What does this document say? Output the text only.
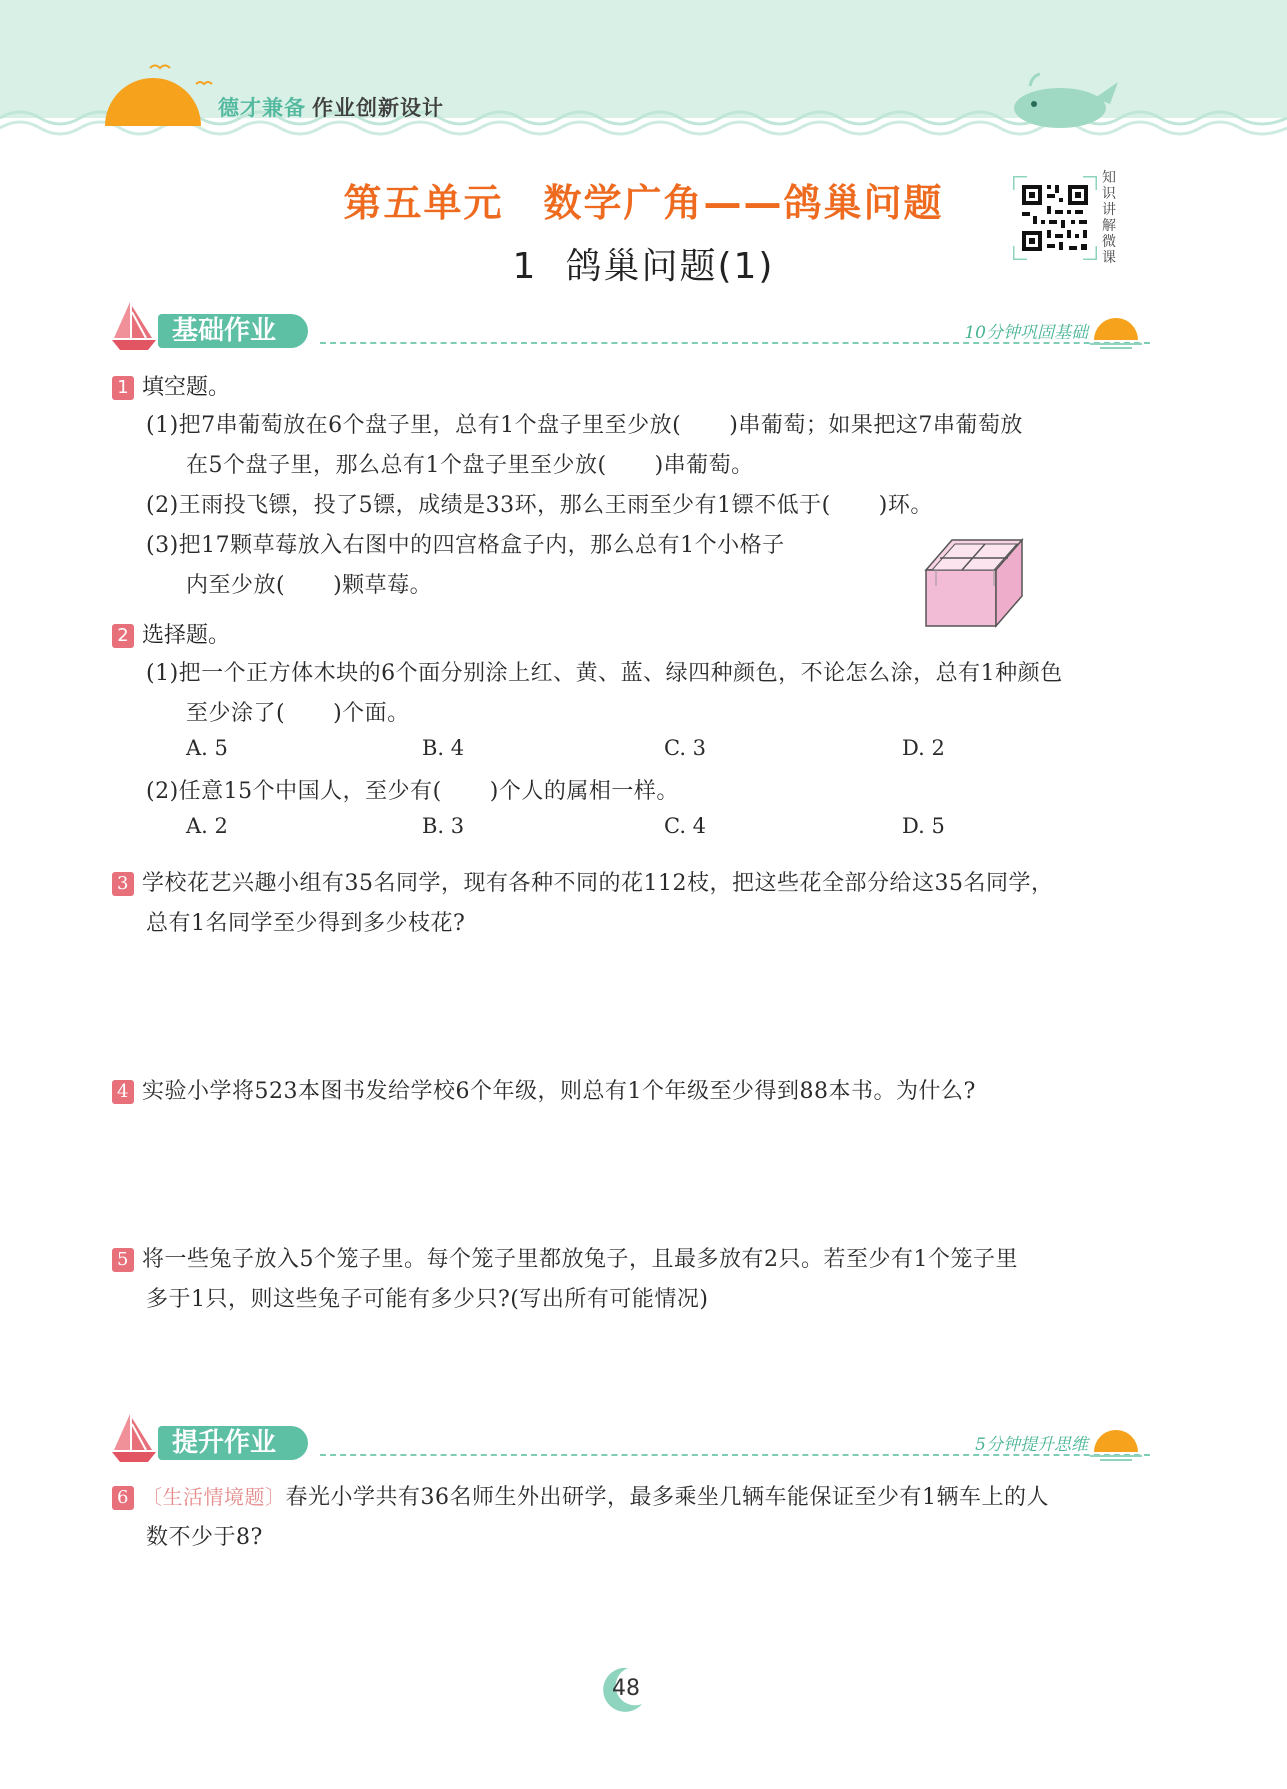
德才兼备 作业创新设计
第五单元 数学广角——鸽巢问题
1 鸽巢问题(1)
知识讲解微课
基础作业	10分钟巩固基础
1 填空题。
(1)把7串葡萄放在6个盘子里，总有1个盘子里至少放( )串葡萄；如果把这7串葡萄放
在5个盘子里，那么总有1个盘子里至少放( )串葡萄。
(2)王雨投飞镖，投了5镖，成绩是33环，那么王雨至少有1镖不低于( )环。
(3)把17颗草莓放入右图中的四宫格盒子内，那么总有1个小格子
内至少放( )颗草莓。
2 选择题。
(1)把一个正方体木块的6个面分别涂上红、黄、蓝、绿四种颜色，不论怎么涂，总有1种颜色
至少涂了( )个面。
A. 5	B. 4	C. 3	D. 2
(2)任意15个中国人，至少有( )个人的属相一样。
A. 2	B. 3	C. 4	D. 5
3 学校花艺兴趣小组有35名同学，现有各种不同的花112枝，把这些花全部分给这35名同学，
总有1名同学至少得到多少枝花?
4 实验小学将523本图书发给学校6个年级，则总有1个年级至少得到88本书。为什么?
5 将一些兔子放入5个笼子里。每个笼子里都放兔子，且最多放有2只。若至少有1个笼子里
多于1只，则这些兔子可能有多少只?(写出所有可能情况)
提升作业	5分钟提升思维
6 〔生活情境题〕春光小学共有36名师生外出研学，最多乘坐几辆车能保证至少有1辆车上的人
数不少于8?
48
